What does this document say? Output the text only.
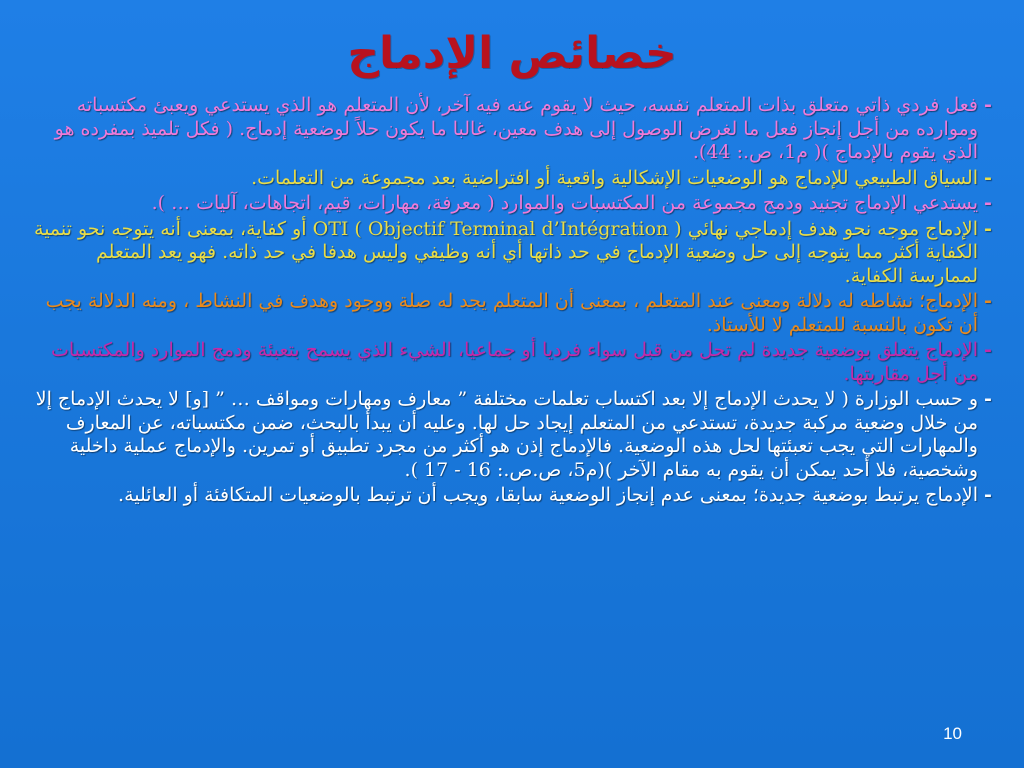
خصائص الإدماج
-
فعل فردي ذاتي متعلق بذات المتعلم نفسه، حيث لا يقوم عنه فيه آخر، لأن المتعلم هو الذي يستدعي ويعبئ مكتسباته وموارده من أجل إنجاز فعل ما لغرض الوصول إلى هدف معين، غالبا ما يكون حلاً لوضعية إدماج. ( فكل تلميذ بمفرده هو الذي يقوم بالإدماج )( م1، ص.: 44).
-
السياق الطبيعي للإدماج هو الوضعيات الإشكالية واقعية أو افتراضية بعد مجموعة من التعلمات.
-
يستدعي الإدماج تجنيد ودمج مجموعة من المكتسبات والموارد ( معرفة، مهارات، قيم، اتجاهات، آليات … ).
-
الإدماج موجه نحو هدف إدماجي نهائي OTI ( Objectif Terminal d’Intégration ) أو كفاية، بمعنى أنه يتوجه نحو تنمية الكفاية أكثر مما يتوجه إلى حل وضعية الإدماج في حد ذاتها أي أنه وظيفي وليس هدفا في حد ذاته. فهو يعد المتعلم لممارسة الكفاية.
-
الإدماج؛ نشاطه له دلالة ومعنى عند المتعلم ، بمعنى أن المتعلم يجد له صلة ووجود وهدف في النشاط ، ومنه الدلالة يجب أن تكون بالنسبة للمتعلم لا للأستاذ.
-
الإدماج يتعلق بوضعية جديدة لم تحل من قبل سواء فرديا أو جماعيا، الشيء الذي يسمح بتعبئة ودمج الموارد والمكتسبات من أجل مقاربتها.
-
و حسب الوزارة ( لا يحدث الإدماج إلا بعد اكتساب تعلمات مختلفة ” معارف ومهارات ومواقف … ” [و] لا يحدث الإدماج إلا من خلال وضعية مركبة جديدة، تستدعي من المتعلم إيجاد حل لها. وعليه أن يبدأ بالبحث، ضمن مكتسباته، عن المعارف والمهارات التي يجب تعبئتها لحل هذه الوضعية. فالإدماج إذن هو أكثر من مجرد تطبيق أو تمرين. والإدماج عملية داخلية وشخصية، فلا أحد يمكن أن يقوم به مقام الآخر )(م5، ص.ص.: 16 - 17 ).
-
الإدماج يرتبط بوضعية جديدة؛ بمعنى عدم إنجاز الوضعية سابقا، ويجب أن ترتبط بالوضعيات المتكافئة أو العائلية.
10
